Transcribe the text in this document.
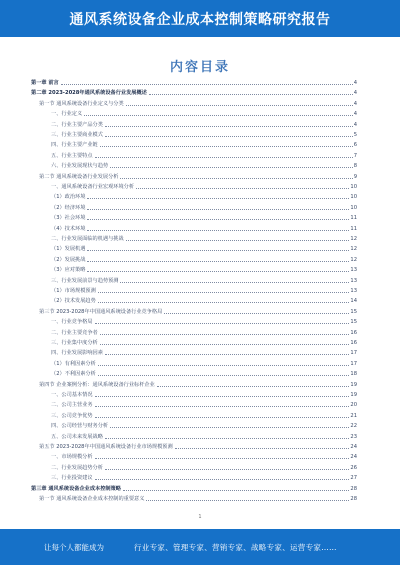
通风系统设备企业成本控制策略研究报告
内容目录
第一章 前言	4
第二章 2023-2028年通风系统设备行业发展概述	4
第一节 通风系统设备行业定义与分类	4
一、行业定义	4
二、行业主要产品分类	4
三、行业主要商业模式	5
四、行业主要产业链	6
五、行业主要特点	7
六、行业发展现状与趋势	8
第二节 通风系统设备行业发展分析	9
一、通风系统设备行业宏观环境分析	10
（1）政治环境	10
（2）经济环境	10
（3）社会环境	11
（4）技术环境	11
二、行业发展面临的机遇与挑战	12
（1）发展机遇	12
（2）发展挑战	12
（3）应对策略	13
三、行业发展前景与趋势预测	13
（1）市场规模预测	13
（2）技术发展趋势	14
第三节 2023-2028年中国通风系统设备行业竞争格局	15
一、行业竞争格局	15
二、行业主要竞争者	16
三、行业集中度分析	16
四、行业发展影响因素	17
（1）有利因素分析	17
（2）不利因素分析	18
第四节 企业案例分析：通风系统设备行业标杆企业	19
一、公司基本情况	19
二、公司主营业务	20
三、公司竞争优势	21
四、公司经营与财务分析	22
五、公司未来发展战略	23
第五节 2023-2028年中国通风系统设备行业市场规模预测	24
一、市场规模分析	24
二、行业发展趋势分析	26
三、行业投资建议	27
第三章 通风系统设备企业成本控制策略	28
第一节 通风系统设备企业成本控制的重要意义	28
1
让每个人都能成为	行业专家、管理专家、营销专家、战略专家、运营专家……
